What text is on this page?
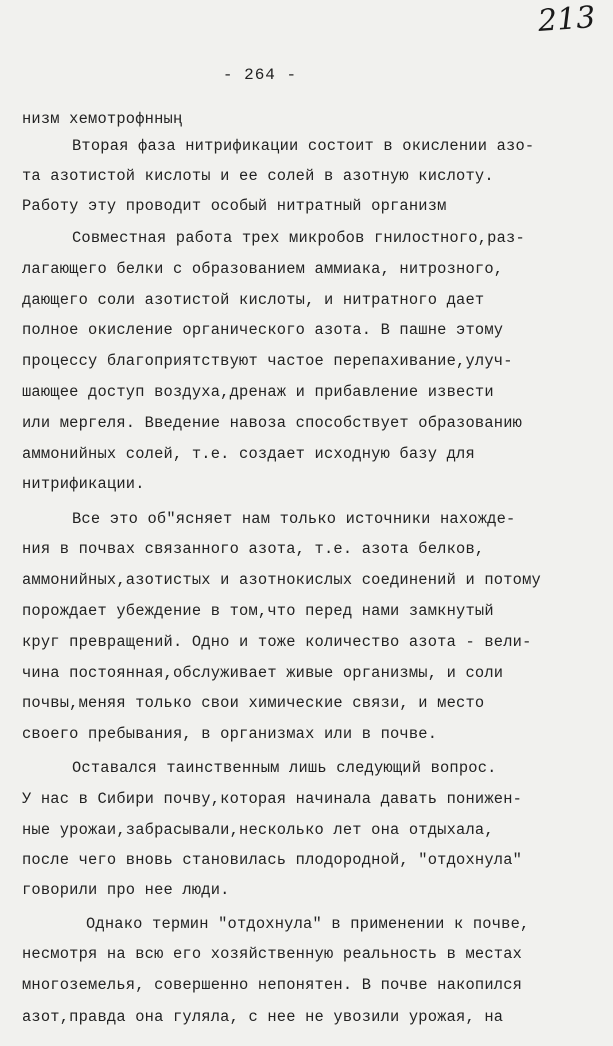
213
- 264 -
низм хемотрофнның
Вторая фаза нитрификации состоит в окислении азо-
та азотистой кислоты и ее солей в азотную кислоту.
Работу эту проводит особый нитратный организм
Совместная работа трех микробов гнилостного,раз-
лагающего белки с образованием аммиака, нитрозного,
дающего соли азотистой кислоты, и нитратного дает
полное окисление органического азота. В пашне этому
процессу благоприятствуют частое перепахивание,улуч-
шающее доступ воздуха,дренаж и прибавление извести
или мергеля. Введение навоза способствует образованию
аммонийных солей, т.е. создает исходную базу для
нитрификации.
Все это об"ясняет нам только источники нахожде-
ния в почвах связанного азота, т.е. азота белков,
аммонийных,азотистых и азотнокислых соединений и потому
порождает убеждение в том,что перед нами замкнутый
круг превращений. Одно и тоже количество азота - вели-
чина постоянная,обслуживает живые организмы, и соли
почвы,меняя только свои химические связи, и место
своего пребывания, в организмах или в почве.
Оставался таинственным лишь следующий вопрос.
У нас в Сибири почву,которая начинала давать понижен-
ные урожаи,забрасывали,несколько лет она отдыхала,
после чего вновь становилась плодородной, "отдохнула"
говорили про нее люди.
Однако термин "отдохнула" в применении к почве,
несмотря на всю его хозяйственную реальность в местах
многоземелья, совершенно непонятен. В почве накопился
азот,правда она гуляла, с нее не увозили урожая, на
